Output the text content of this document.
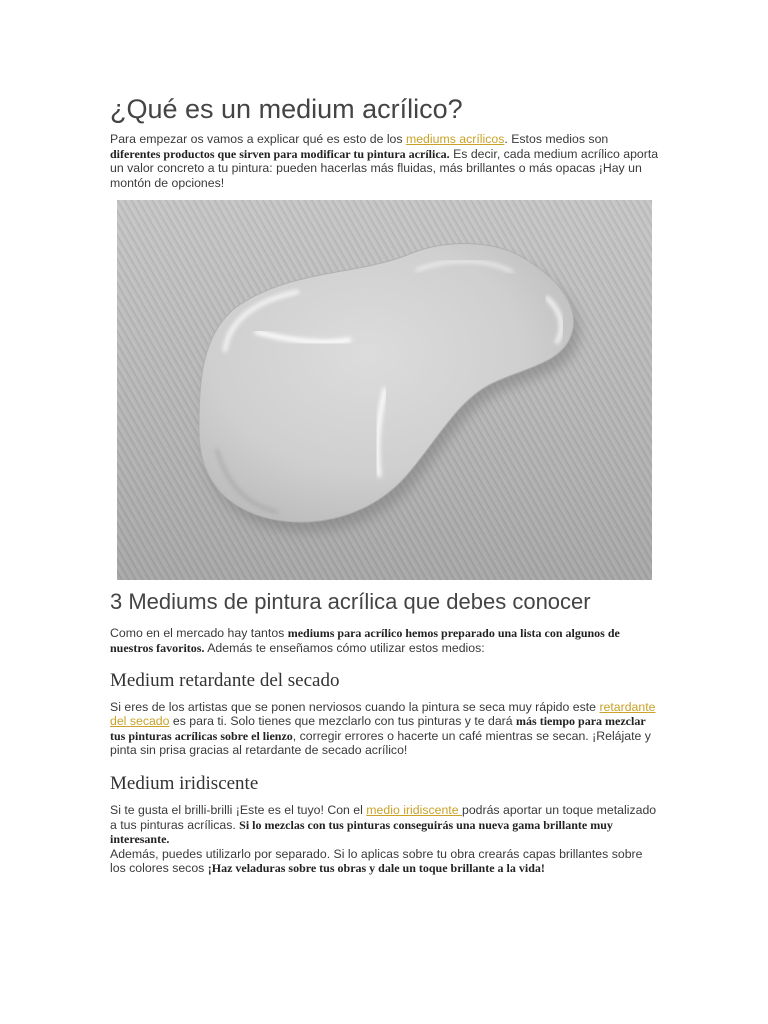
¿Qué es un medium acrílico?

Para empezar os vamos a explicar qué es esto de los mediums acrílicos. Estos medios son diferentes productos que sirven para modificar tu pintura acrílica. Es decir, cada medium acrílico aporta un valor concreto a tu pintura: pueden hacerlas más fluidas, más brillantes o más opacas ¡Hay un montón de opciones!

3 Mediums de pintura acrílica que debes conocer

Como en el mercado hay tantos mediums para acrílico hemos preparado una lista con algunos de nuestros favoritos. Además te enseñamos cómo utilizar estos medios:

Medium retardante del secado

Si eres de los artistas que se ponen nerviosos cuando la pintura se seca muy rápido este retardante del secado es para ti. Solo tienes que mezclarlo con tus pinturas y te dará más tiempo para mezclar tus pinturas acrílicas sobre el lienzo, corregir errores o hacerte un café mientras se secan. ¡Relájate y pinta sin prisa gracias al retardante de secado acrílico!

Medium iridiscente

Si te gusta el brilli-brilli ¡Este es el tuyo! Con el medio iridiscente podrás aportar un toque metalizado a tus pinturas acrílicas. Si lo mezclas con tus pinturas conseguirás una nueva gama brillante muy interesante.
Además, puedes utilizarlo por separado. Si lo aplicas sobre tu obra crearás capas brillantes sobre los colores secos ¡Haz veladuras sobre tus obras y dale un toque brillante a la vida!
